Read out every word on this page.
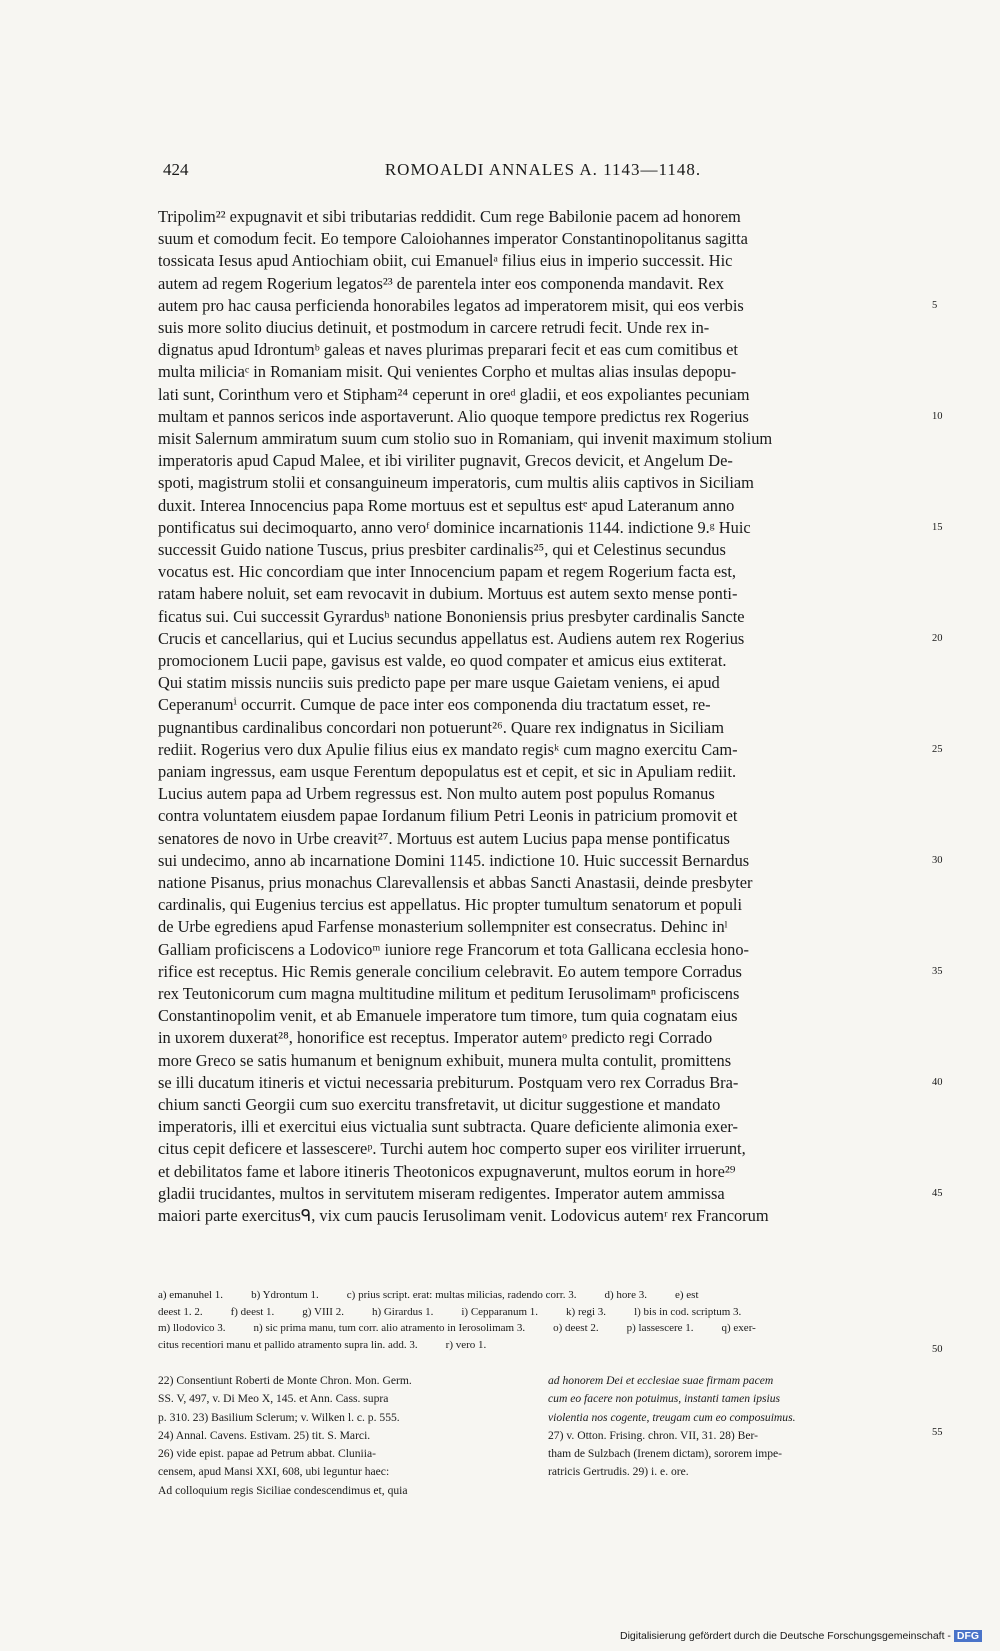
424	ROMOALDI ANNALES A. 1143—1148.
Tripolim²² expugnavit et sibi tributarias reddidit. Cum rege Babilonie pacem ad honorem
suum et comodum fecit. Eo tempore Caloiohannes imperator Constantinopolitanus sagitta
tossicata Iesus apud Antiochiam obiit, cui Emanuelᵃ filius eius in imperio successit. Hic
autem ad regem Rogerium legatos²³ de parentela inter eos componenda mandavit. Rex
autem pro hac causa perficienda honorabiles legatos ad imperatorem misit, qui eos verbis	5
suis more solito diucius detinuit, et postmodum in carcere retrudi fecit. Unde rex in-
dignatus apud Idrontumᵇ galeas et naves plurimas preparari fecit et eas cum comitibus et
multa miliciaᶜ in Romaniam misit. Qui venientes Corpho et multas alias insulas depopu-
lati sunt, Corinthum vero et Stipham²⁴ ceperunt in oreᵈ gladii, et eos expoliantes pecuniam
multam et pannos sericos inde asportaverunt. Alio quoque tempore predictus rex Rogerius	10
misit Salernum ammiratum suum cum stolio suo in Romaniam, qui invenit maximum stolium
imperatoris apud Capud Malee, et ibi viriliter pugnavit, Grecos devicit, et Angelum De-
spoti, magistrum stolii et consanguineum imperatoris, cum multis aliis captivos in Siciliam
duxit. Interea Innocencius papa Rome mortuus est et sepultus estᵉ apud Lateranum anno
pontificatus sui decimoquarto, anno veroᶠ dominice incarnationis 1144. indictione 9.ᵍ Huic	15
successit Guido natione Tuscus, prius presbiter cardinalis²⁵, qui et Celestinus secundus
vocatus est. Hic concordiam que inter Innocencium papam et regem Rogerium facta est,
ratam habere noluit, set eam revocavit in dubium. Mortuus est autem sexto mense ponti-
ficatus sui. Cui successit Gyrardusʰ natione Bononiensis prius presbyter cardinalis Sancte
Crucis et cancellarius, qui et Lucius secundus appellatus est. Audiens autem rex Rogerius	20
promocionem Lucii pape, gavisus est valde, eo quod compater et amicus eius extiterat.
Qui statim missis nunciis suis predicto pape per mare usque Gaietam veniens, ei apud
Ceperanumⁱ occurrit. Cumque de pace inter eos componenda diu tractatum esset, re-
pugnantibus cardinalibus concordari non potuerunt²⁶. Quare rex indignatus in Siciliam
rediit. Rogerius vero dux Apulie filius eius ex mandato regisᵏ cum magno exercitu Cam-	25
paniam ingressus, eam usque Ferentum depopulatus est et cepit, et sic in Apuliam rediit.
Lucius autem papa ad Urbem regressus est. Non multo autem post populus Romanus
contra voluntatem eiusdem papae Iordanum filium Petri Leonis in patricium promovit et
senatores de novo in Urbe creavit²⁷. Mortuus est autem Lucius papa mense pontificatus
sui undecimo, anno ab incarnatione Domini 1145. indictione 10. Huic successit Bernardus	30
natione Pisanus, prius monachus Clarevallensis et abbas Sancti Anastasii, deinde presbyter
cardinalis, qui Eugenius tercius est appellatus. Hic propter tumultum senatorum et populi
de Urbe egrediens apud Farfense monasterium sollempniter est consecratus. Dehinc inˡ
Galliam proficiscens a Lodovicoᵐ iuniore rege Francorum et tota Gallicana ecclesia hono-
rifice est receptus. Hic Remis generale concilium celebravit. Eo autem tempore Corradus	35
rex Teutonicorum cum magna multitudine militum et peditum Ierusolimamⁿ proficiscens
Constantinopolim venit, et ab Emanuele imperatore tum timore, tum quia cognatam eius
in uxorem duxerat²⁸, honorifice est receptus. Imperator autemᵒ predicto regi Corrado
more Greco se satis humanum et benignum exhibuit, munera multa contulit, promittens
se illi ducatum itineris et victui necessaria prebiturum. Postquam vero rex Corradus Bra-	40
chium sancti Georgii cum suo exercitu transfretavit, ut dicitur suggestione et mandato
imperatoris, illi et exercitui eius victualia sunt subtracta. Quare deficiente alimonia exer-
citus cepit deficere et lassescereᵖ. Turchi autem hoc comperto super eos viriliter irruerunt,
et debilitatos fame et labore itineris Theotonicos expugnaverunt, multos eorum in hore²⁹
gladii trucidantes, multos in servitutem miseram redigentes. Imperator autem ammissa	45
maiori parte exercitusᑫ, vix cum paucis Ierusolimam venit. Lodovicus autemʳ rex Francorum
a) emanuhel 1.	b) Ydrontum 1.	c) prius script. erat: multas milicias, radendo corr. 3.	d) hore 3.	e) est
deest 1. 2.	f) deest 1.	g) VIII 2.	h) Girardus 1.	i) Cepparanum 1.	k) regi 3.	l) bis in cod. scriptum 3.
m) llodovico 3.	n) sic prima manu, tum corr. alio atramento in Ierosolimam 3.	o) deest 2.	p) lassescere 1.	q) exer-
citus recentiori manu et pallido atramento supra lin. add. 3.	r) vero 1.	50
22) Consentiunt Roberti de Monte Chron. Mon. Germ.
SS. V, 497, v. Di Meo X, 145. et Ann. Cass. supra
p. 310. 23) Basilium Sclerum; v. Wilken l. c. p. 555.
24) Annal. Cavens. Estivam. 25) tit. S. Marci.
26) vide epist. papae ad Petrum abbat. Cluniia-
censem, apud Mansi XXI, 608, ubi leguntur haec:
Ad colloquium regis Siciliae condescendimus et, quia
ad honorem Dei et ecclesiae suae firmam pacem
cum eo facere non potuimus, instanti tamen ipsius
violentia nos cogente, treugam cum eo composuimus.
27) v. Otton. Frising. chron. VII, 31. 28) Ber-
tham de Sulzbach (Irenem dictam), sororem impe-
ratricis Gertrudis. 29) i. e. ore.
55
Digitalisierung gefördert durch die Deutsche Forschungsgemeinschaft - DFG
